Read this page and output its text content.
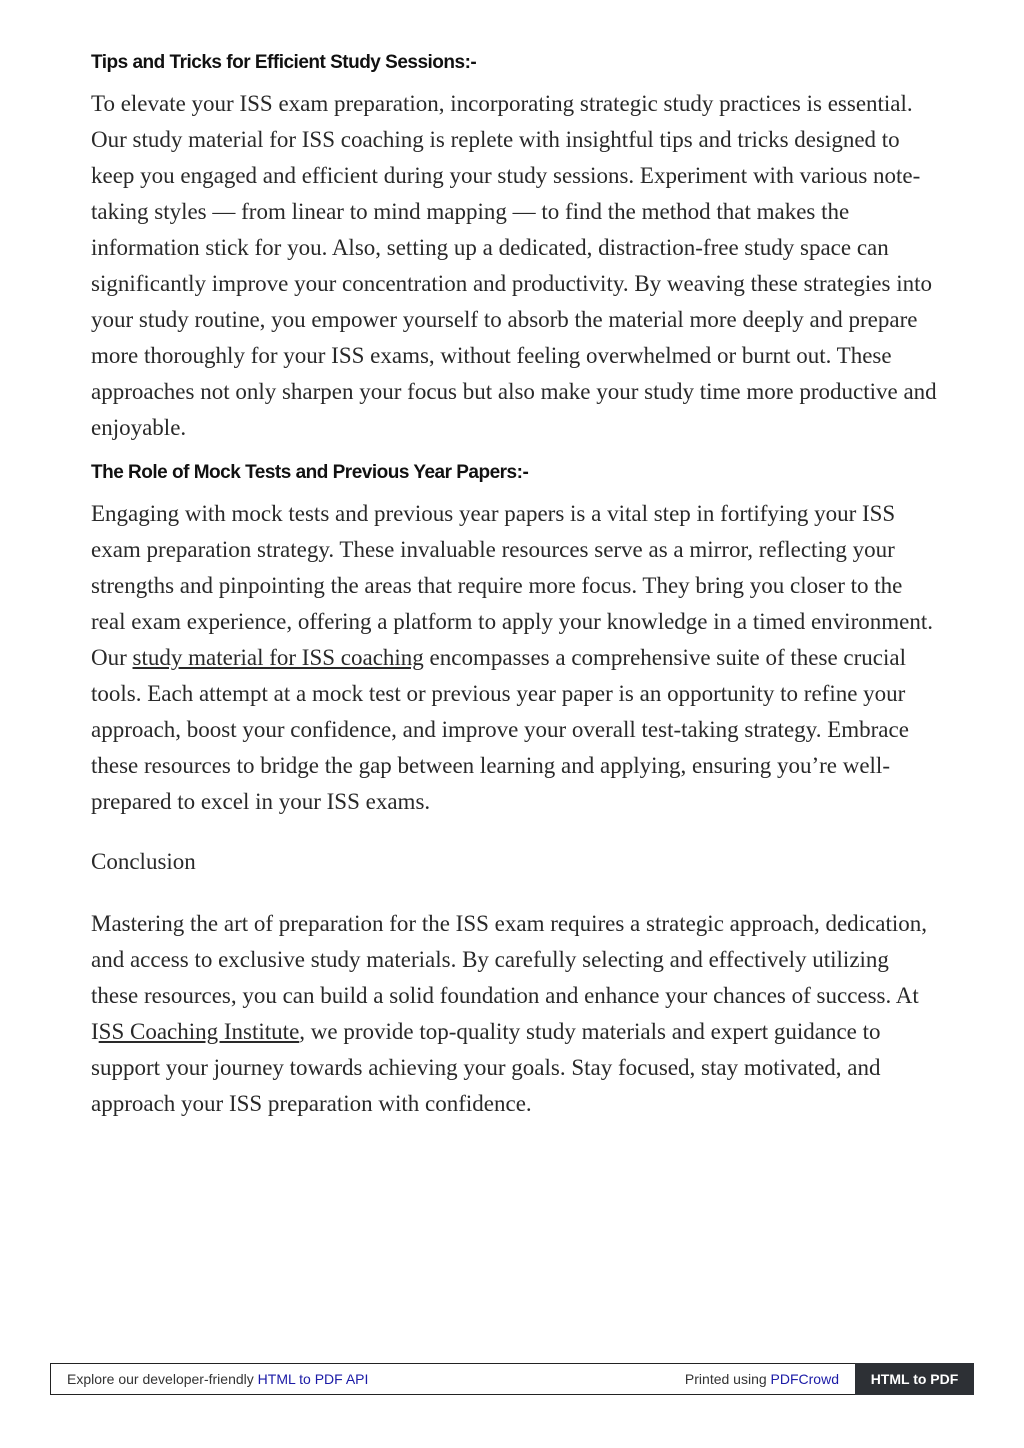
Tips and Tricks for Efficient Study Sessions:-

To elevate your ISS exam preparation, incorporating strategic study practices is essential. Our study material for ISS coaching is replete with insightful tips and tricks designed to keep you engaged and efficient during your study sessions. Experiment with various note-taking styles — from linear to mind mapping — to find the method that makes the information stick for you. Also, setting up a dedicated, distraction-free study space can significantly improve your concentration and productivity. By weaving these strategies into your study routine, you empower yourself to absorb the material more deeply and prepare more thoroughly for your ISS exams, without feeling overwhelmed or burnt out. These approaches not only sharpen your focus but also make your study time more productive and enjoyable.

The Role of Mock Tests and Previous Year Papers:-

Engaging with mock tests and previous year papers is a vital step in fortifying your ISS exam preparation strategy. These invaluable resources serve as a mirror, reflecting your strengths and pinpointing the areas that require more focus. They bring you closer to the real exam experience, offering a platform to apply your knowledge in a timed environment. Our study material for ISS coaching encompasses a comprehensive suite of these crucial tools. Each attempt at a mock test or previous year paper is an opportunity to refine your approach, boost your confidence, and improve your overall test-taking strategy. Embrace these resources to bridge the gap between learning and applying, ensuring you’re well-prepared to excel in your ISS exams.

Conclusion

Mastering the art of preparation for the ISS exam requires a strategic approach, dedication, and access to exclusive study materials. By carefully selecting and effectively utilizing these resources, you can build a solid foundation and enhance your chances of success. At ISS Coaching Institute, we provide top-quality study materials and expert guidance to support your journey towards achieving your goals. Stay focused, stay motivated, and approach your ISS preparation with confidence.

Explore our developer-friendly HTML to PDF API	Printed using PDFCrowd	HTML to PDF
